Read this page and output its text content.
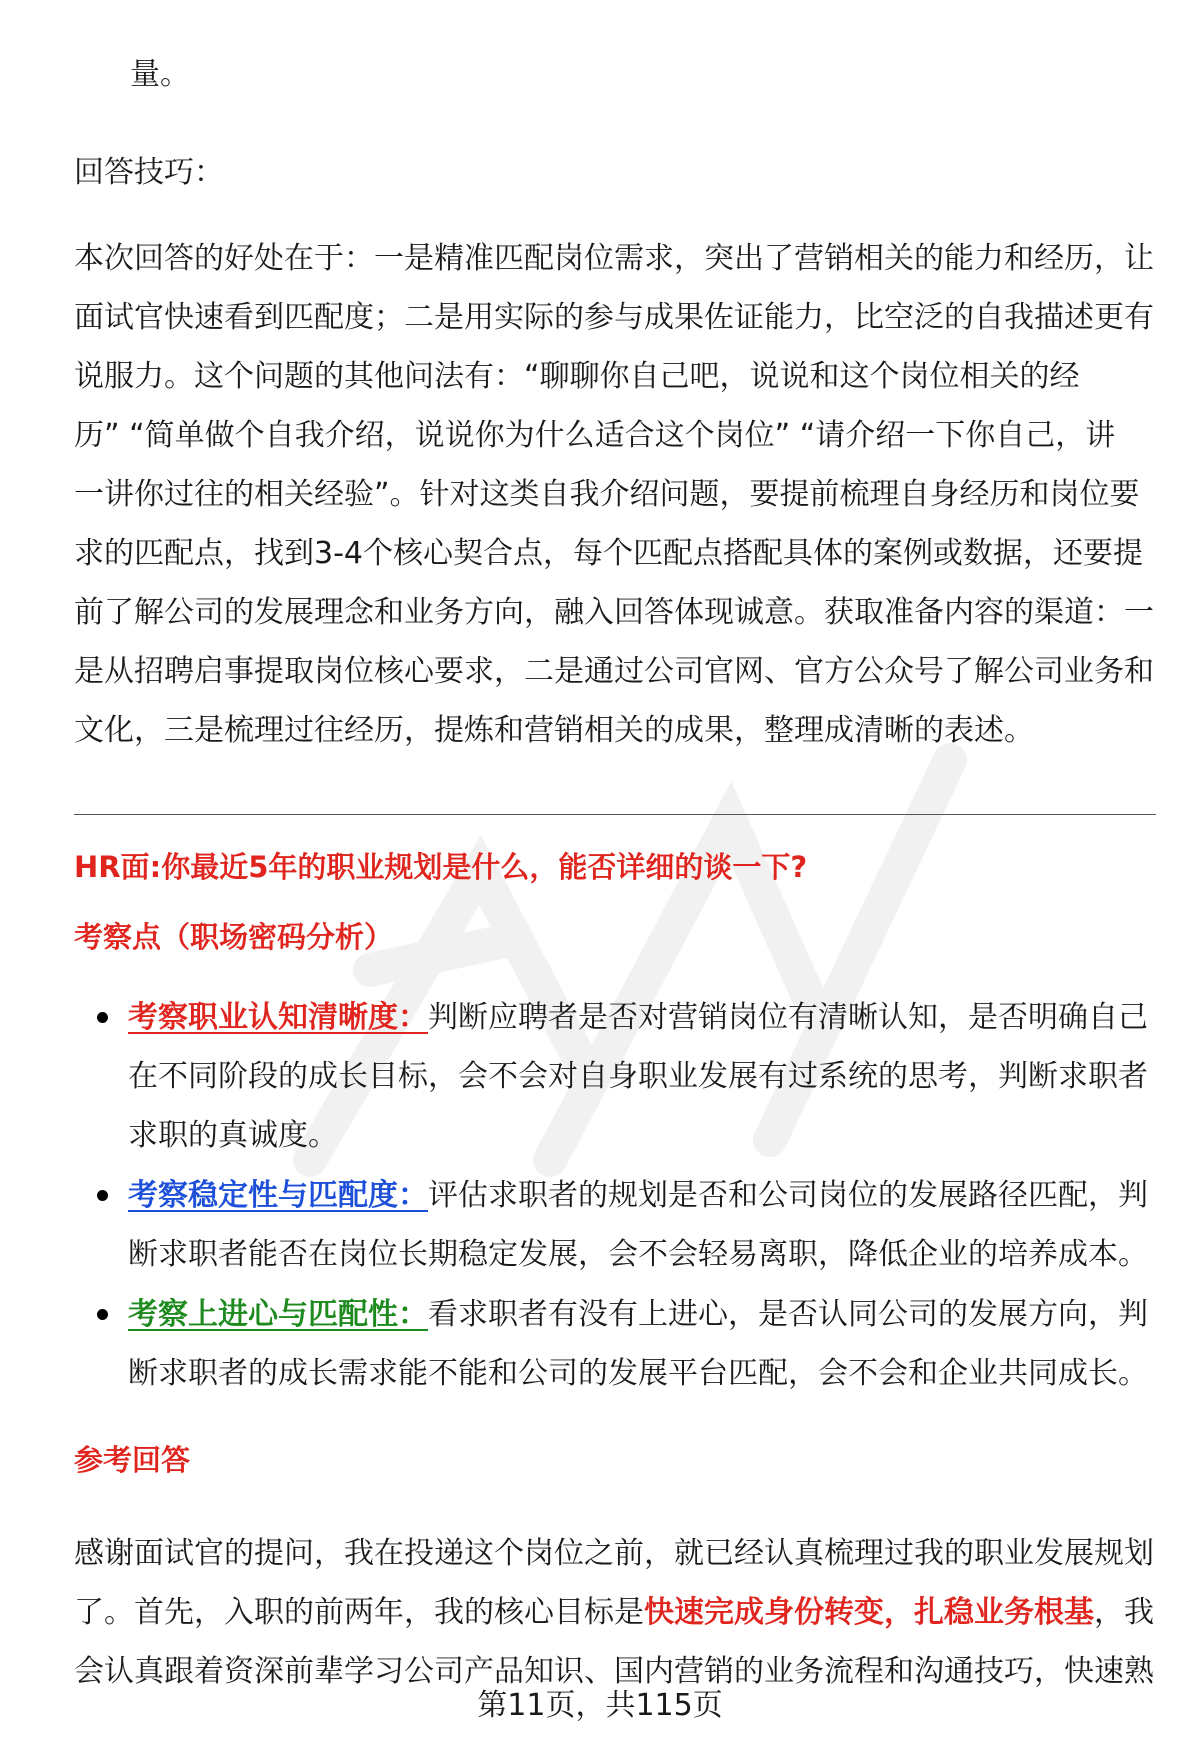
量。

回答技巧：

本次回答的好处在于：一是精准匹配岗位需求，突出了营销相关的能力和经历，让

面试官快速看到匹配度；二是用实际的参与成果佐证能力，比空泛的自我描述更有

说服力。这个问题的其他问法有：“聊聊你自己吧，说说和这个岗位相关的经

历” “简单做个自我介绍，说说你为什么适合这个岗位” “请介绍一下你自己，讲

一讲你过往的相关经验”。针对这类自我介绍问题，要提前梳理自身经历和岗位要

求的匹配点，找到3-4个核心契合点，每个匹配点搭配具体的案例或数据，还要提

前了解公司的发展理念和业务方向，融入回答体现诚意。获取准备内容的渠道：一

是从招聘启事提取岗位核心要求，二是通过公司官网、官方公众号了解公司业务和

文化，三是梳理过往经历，提炼和营销相关的成果，整理成清晰的表述。

HR面:你最近5年的职业规划是什么，能否详细的谈一下?
考察点（职场密码分析）

考察职业认知清晰度：判断应聘者是否对营销岗位有清晰认知，是否明确自己

在不同阶段的成长目标，会不会对自身职业发展有过系统的思考，判断求职者

求职的真诚度。

考察稳定性与匹配度：评估求职者的规划是否和公司岗位的发展路径匹配，判

断求职者能否在岗位长期稳定发展，会不会轻易离职，降低企业的培养成本。

考察上进心与匹配性：看求职者有没有上进心，是否认同公司的发展方向，判

断求职者的成长需求能不能和公司的发展平台匹配，会不会和企业共同成长。

参考回答

感谢面试官的提问，我在投递这个岗位之前，就已经认真梳理过我的职业发展规划

了。首先，入职的前两年，我的核心目标是快速完成身份转变，扎稳业务根基，我

会认真跟着资深前辈学习公司产品知识、国内营销的业务流程和沟通技巧，快速熟

第11页，共115页
